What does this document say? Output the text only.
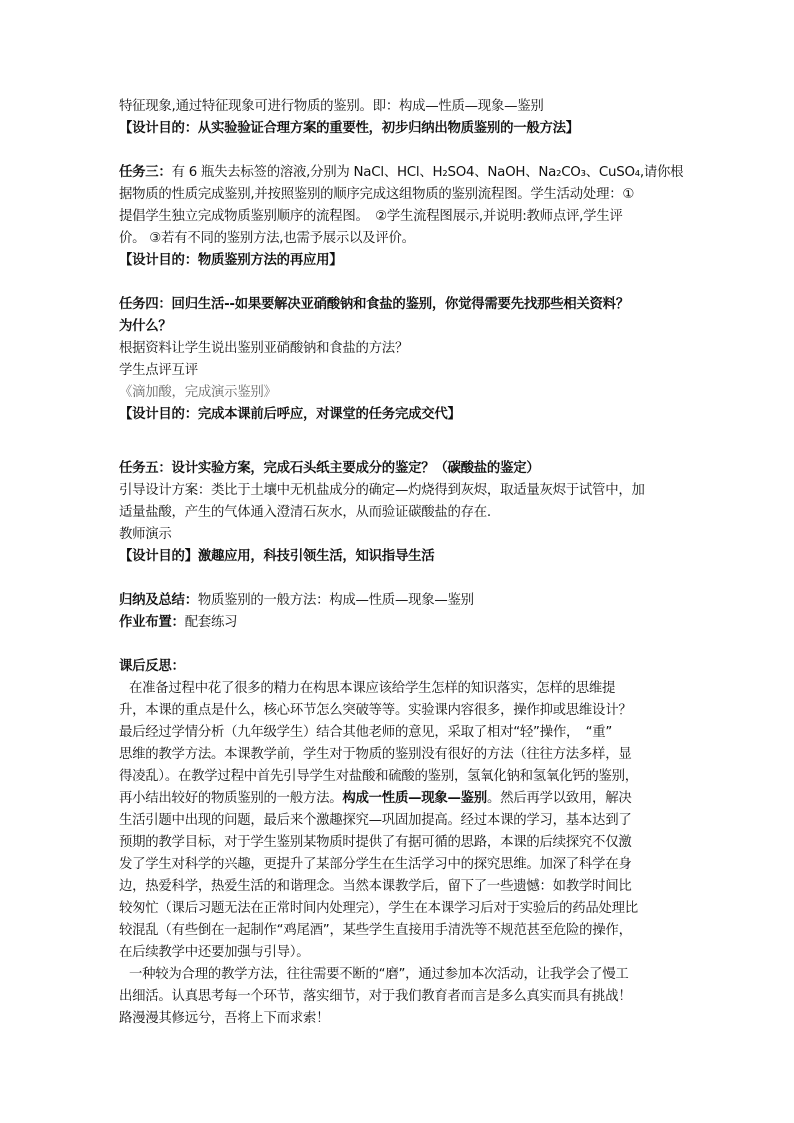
特征现象,通过特征现象可进行物质的鉴别。即：构成—性质—现象—鉴别
【设计目的：从实验验证合理方案的重要性，初步归纳出物质鉴别的一般方法】
任务三：有 6 瓶失去标签的溶液,分别为 NaCl、HCl、H₂SO4、NaOH、Na₂CO₃、CuSO₄,请你根
据物质的性质完成鉴别,并按照鉴别的顺序完成这组物质的鉴别流程图。学生活动处理：①
提倡学生独立完成物质鉴别顺序的流程图。　②学生流程图展示,并说明:教师点评,学生评
价。 ③若有不同的鉴别方法,也需予展示以及评价。
【设计目的：物质鉴别方法的再应用】
任务四：回归生活--如果要解决亚硝酸钠和食盐的鉴别，你觉得需要先找那些相关资料？
为什么？
根据资料让学生说出鉴别亚硝酸钠和食盐的方法？
学生点评互评
《滴加酸，完成演示鉴别》
【设计目的：完成本课前后呼应，对课堂的任务完成交代】
任务五：设计实验方案，完成石头纸主要成分的鉴定？（碳酸盐的鉴定）
引导设计方案：类比于土壤中无机盐成分的确定—灼烧得到灰烬，取适量灰烬于试管中，加
适量盐酸，产生的气体通入澄清石灰水，从而验证碳酸盐的存在.
教师演示
【设计目的】激趣应用，科技引领生活，知识指导生活
归纳及总结：物质鉴别的一般方法：构成—性质—现象—鉴别
作业布置：配套练习
课后反思：
在准备过程中花了很多的精力在构思本课应该给学生怎样的知识落实，怎样的思维提
升，本课的重点是什么，核心环节怎么突破等等。实验课内容很多，操作抑或思维设计？
最后经过学情分析（九年级学生）结合其他老师的意见，采取了相对“轻”操作，　“重”
思维的教学方法。本课教学前，学生对于物质的鉴别没有很好的方法（往往方法多样，显
得凌乱）。在教学过程中首先引导学生对盐酸和硫酸的鉴别，氢氧化钠和氢氧化钙的鉴别，
再小结出较好的物质鉴别的一般方法。构成一性质—现象—鉴别。然后再学以致用，解决
生活引题中出现的问题，最后来个激趣探究—巩固加提高。经过本课的学习，基本达到了
预期的教学目标，对于学生鉴别某物质时提供了有据可循的思路，本课的后续探究不仅激
发了学生对科学的兴趣，更提升了某部分学生在生活学习中的探究思维。加深了科学在身
边，热爱科学，热爱生活的和谐理念。当然本课教学后，留下了一些遗憾：如教学时间比
较匆忙（课后习题无法在正常时间内处理完），学生在本课学习后对于实验后的药品处理比
较混乱（有些倒在一起制作“鸡尾酒”，某些学生直接用手清洗等不规范甚至危险的操作，
在后续教学中还要加强与引导）。
一种较为合理的教学方法，往往需要不断的“磨”，通过参加本次活动，让我学会了慢工
出细活。认真思考每一个环节，落实细节，对于我们教育者而言是多么真实而具有挑战！
路漫漫其修远兮，吾将上下而求索！
